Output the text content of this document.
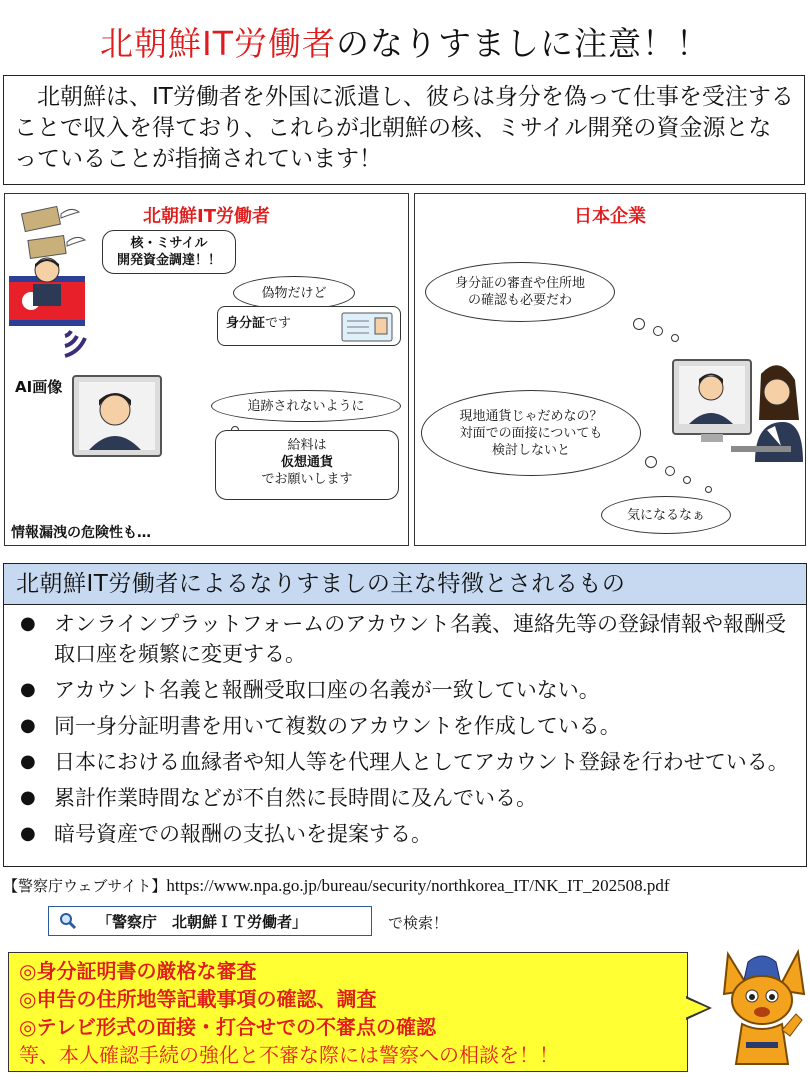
北朝鮮IT労働者のなりすましに注意！！
　北朝鮮は、IT労働者を外国に派遣し、彼らは身分を偽って仕事を受注することで収入を得ており、これらが北朝鮮の核、ミサイル開発の資金源となっていることが指摘されています！
北朝鮮IT労働者
核・ミサイル
開発資金調達！！
AI画像
偽物だけど
身分証です
追跡されないように
給料は
仮想通貨
でお願いします
情報漏洩の危険性も…
日本企業
身分証の審査や住所地
の確認も必要だわ
現地通貨じゃだめなの？
対面での面接についても
検討しないと
気になるなぁ
北朝鮮IT労働者によるなりすましの主な特徴とされるもの
● オンラインプラットフォームのアカウント名義、連絡先等の登録情報や報酬受取口座を頻繁に変更する。
● アカウント名義と報酬受取口座の名義が一致していない。
● 同一身分証明書を用いて複数のアカウントを作成している。
● 日本における血縁者や知人等を代理人としてアカウント登録を行わせている。
● 累計作業時間などが不自然に長時間に及んでいる。
● 暗号資産での報酬の支払いを提案する。
【警察庁ウェブサイト】https://www.npa.go.jp/bureau/security/northkorea_IT/NK_IT_202508.pdf
「警察庁　北朝鮮ＩＴ労働者」	で検索！
◎身分証明書の厳格な審査
◎申告の住所地等記載事項の確認、調査
◎テレビ形式の面接・打合せでの不審点の確認
等、本人確認手続の強化と不審な際には警察への相談を！！
